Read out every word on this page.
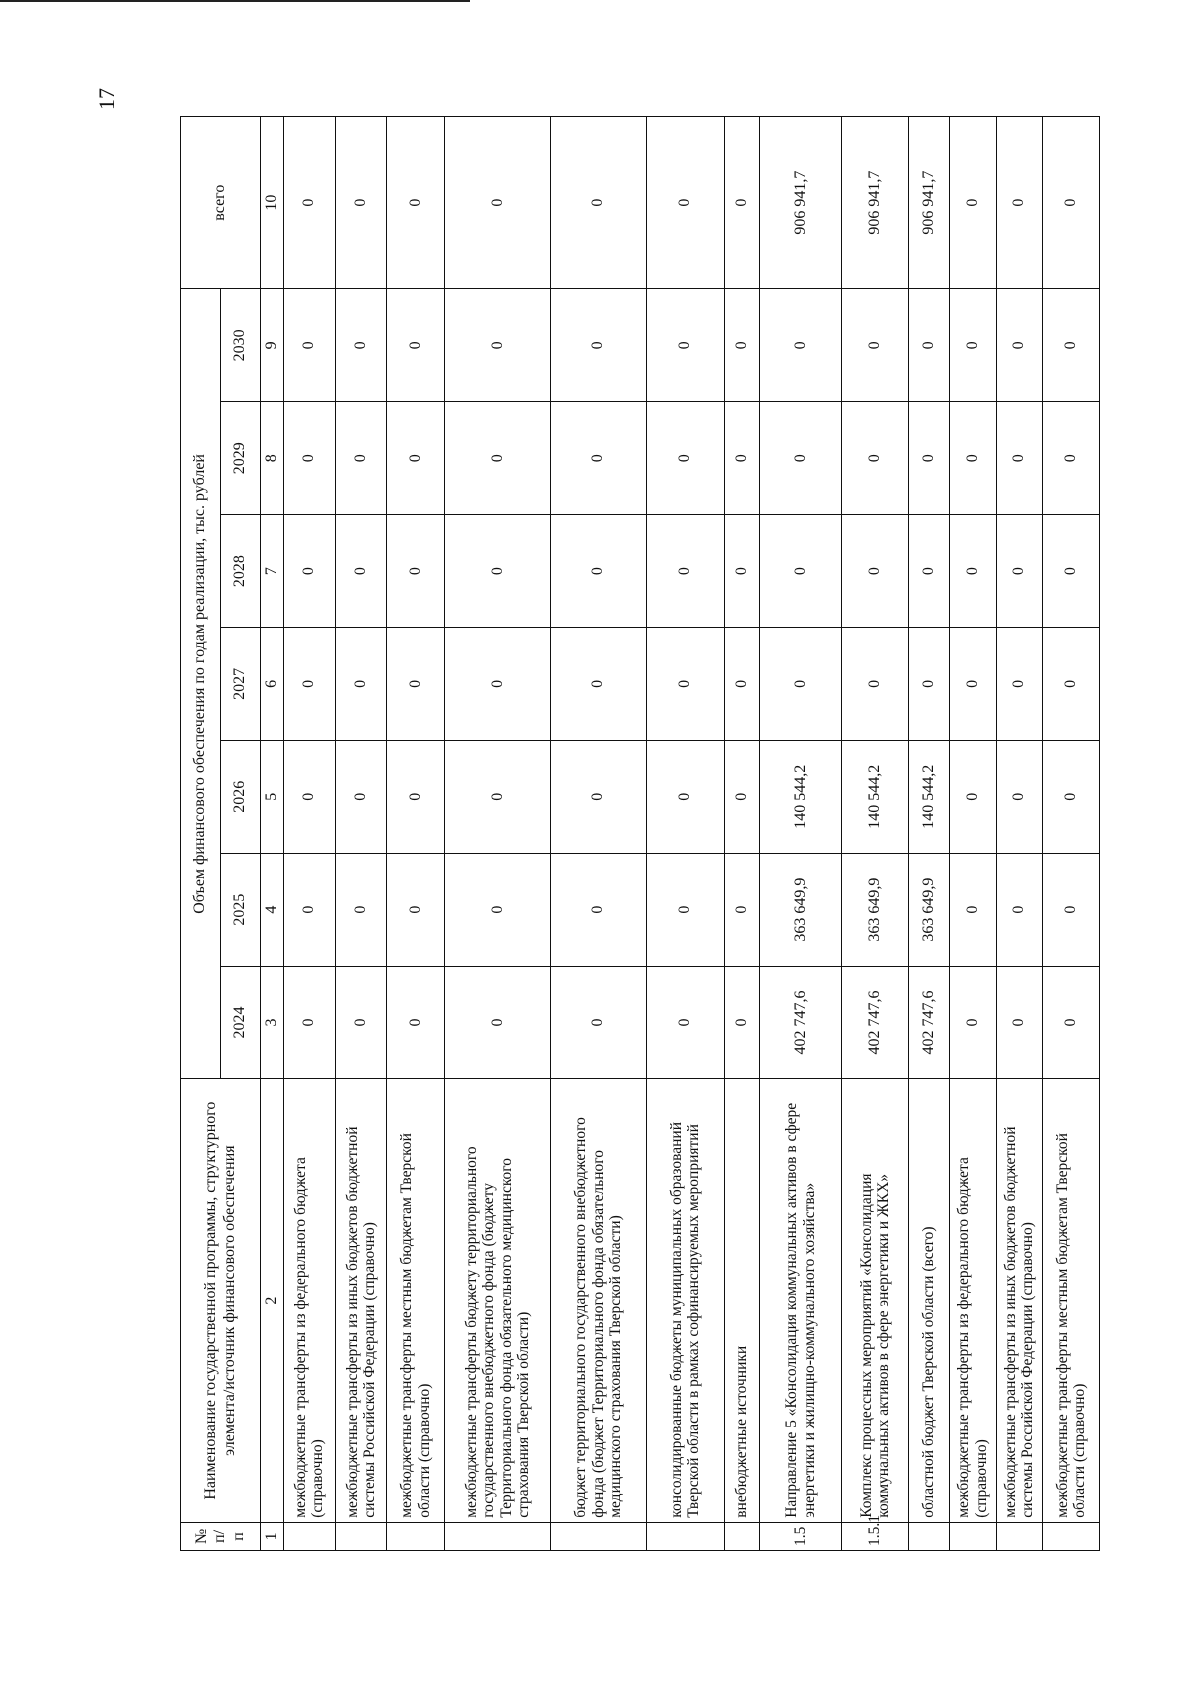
17
№ п/п	Наименование государственной программы, структурного элемента/источник финансового обеспечения	Объем финансового обеспечения по годам реализации, тыс. рублей							всего
		2024	2025	2026	2027	2028	2029	2030	
1	2	3	4	5	6	7	8	9	10
	межбюджетные трансферты из федерального бюджета (справочно)	0	0	0	0	0	0	0	0
	межбюджетные трансферты из иных бюджетов бюджетной системы Российской Федерации (справочно)	0	0	0	0	0	0	0	0
	межбюджетные трансферты местным бюджетам Тверской области (справочно)	0	0	0	0	0	0	0	0
	межбюджетные трансферты бюджету территориального государственного внебюджетного фонда (бюджету Территориального фонда обязательного медицинского страхования Тверской области)	0	0	0	0	0	0	0	0
	бюджет территориального государственного внебюджетного фонда (бюджет Территориального фонда обязательного медицинского страхования Тверской области)	0	0	0	0	0	0	0	0
	консолидированные бюджеты муниципальных образований Тверской области в рамках софинансируемых мероприятий	0	0	0	0	0	0	0	0
	внебюджетные источники	0	0	0	0	0	0	0	0
1.5	Направление 5 «Консолидация коммунальных активов в сфере энергетики и жилищно-коммунального хозяйства»	402 747,6	363 649,9	140 544,2	0	0	0	0	906 941,7
1.5.1	Комплекс процессных мероприятий «Консолидация коммунальных активов в сфере энергетики и ЖКХ»	402 747,6	363 649,9	140 544,2	0	0	0	0	906 941,7
	областной бюджет Тверской области (всего)	402 747,6	363 649,9	140 544,2	0	0	0	0	906 941,7
	межбюджетные трансферты из федерального бюджета (справочно)	0	0	0	0	0	0	0	0
	межбюджетные трансферты из иных бюджетов бюджетной системы Российской Федерации (справочно)	0	0	0	0	0	0	0	0
	межбюджетные трансферты местным бюджетам Тверской области (справочно)	0	0	0	0	0	0	0	0
